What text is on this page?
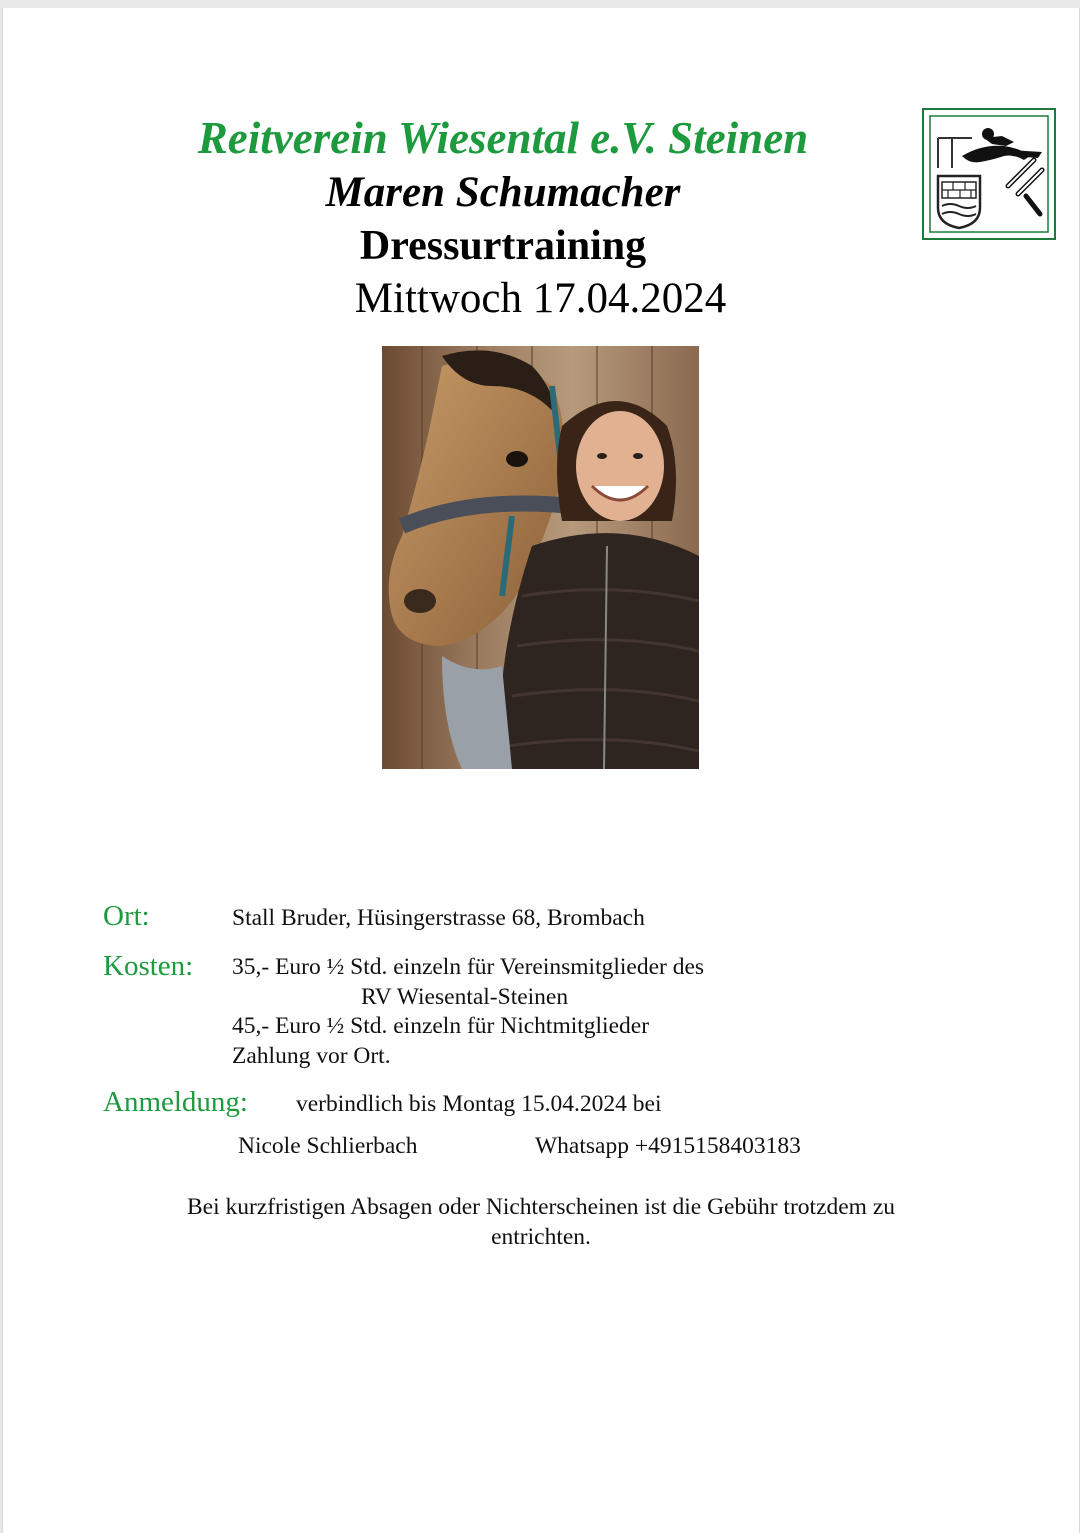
Reitverein Wiesental e.V. Steinen
Maren Schumacher
Dressurtraining
Mittwoch 17.04.2024
Ort:	Stall Bruder, Hüsingerstrasse 68, Brombach
Kosten: 35,- Euro ½ Std. einzeln für Vereinsmitglieder des
RV Wiesental-Steinen
45,- Euro ½ Std. einzeln für Nichtmitglieder
Zahlung vor Ort.
Anmeldung: verbindlich bis Montag 15.04.2024 bei
Nicole Schlierbach	Whatsapp +4915158403183
Bei kurzfristigen Absagen oder Nichterscheinen ist die Gebühr trotzdem zu
entrichten.
